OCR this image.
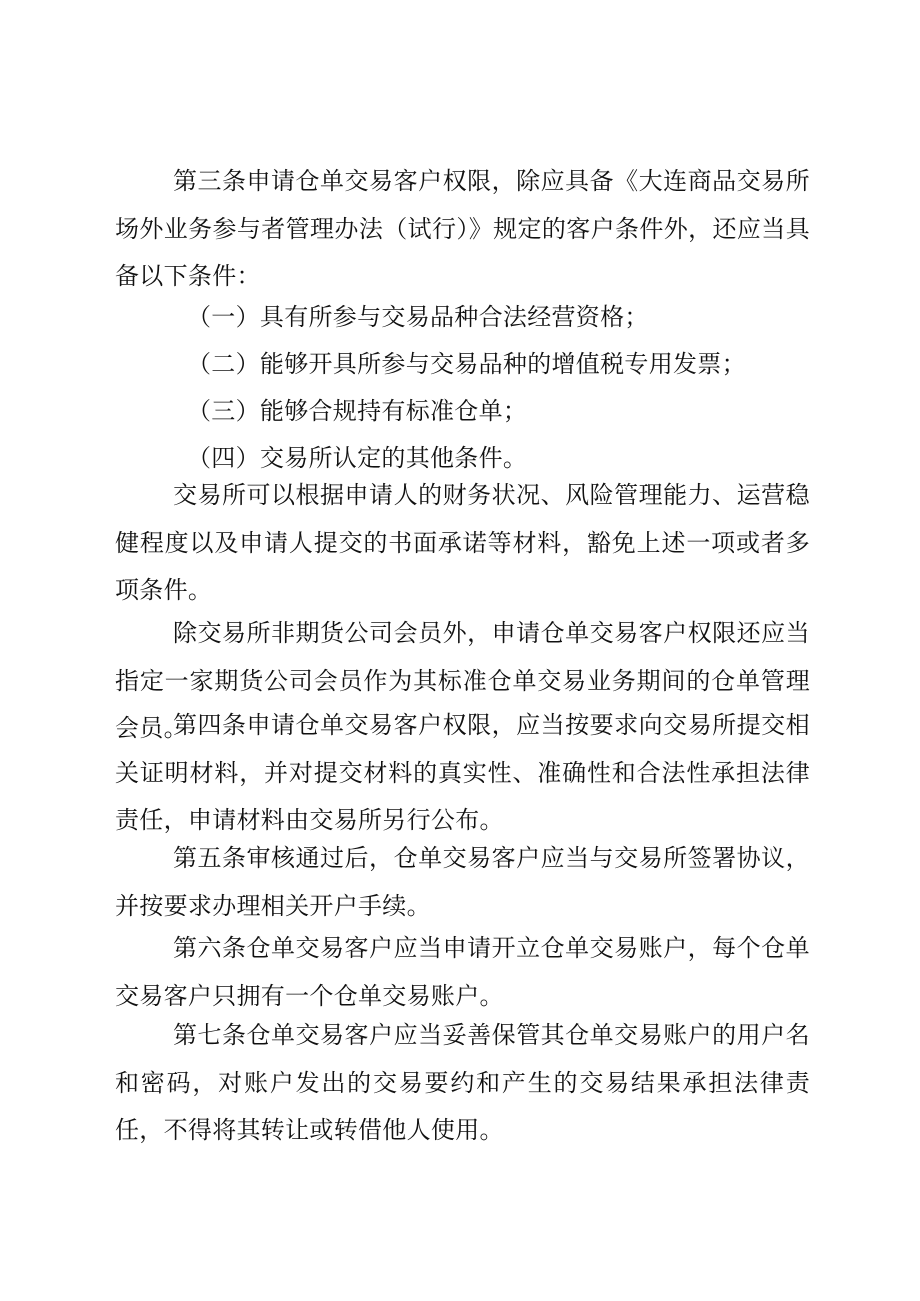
第三条申请仓单交易客户权限，除应具备《大连商品交易所场外业务参与者管理办法（试行）》规定的客户条件外，还应当具备以下条件：

（一）具有所参与交易品种合法经营资格；

（二）能够开具所参与交易品种的增值税专用发票；

（三）能够合规持有标准仓单；

（四）交易所认定的其他条件。

交易所可以根据申请人的财务状况、风险管理能力、运营稳健程度以及申请人提交的书面承诺等材料，豁免上述一项或者多项条件。

除交易所非期货公司会员外，申请仓单交易客户权限还应当指定一家期货公司会员作为其标准仓单交易业务期间的仓单管理会员。

第四条申请仓单交易客户权限，应当按要求向交易所提交相关证明材料，并对提交材料的真实性、准确性和合法性承担法律责任，申请材料由交易所另行公布。

第五条审核通过后，仓单交易客户应当与交易所签署协议，并按要求办理相关开户手续。

第六条仓单交易客户应当申请开立仓单交易账户，每个仓单交易客户只拥有一个仓单交易账户。

第七条仓单交易客户应当妥善保管其仓单交易账户的用户名和密码，对账户发出的交易要约和产生的交易结果承担法律责任，不得将其转让或转借他人使用。
